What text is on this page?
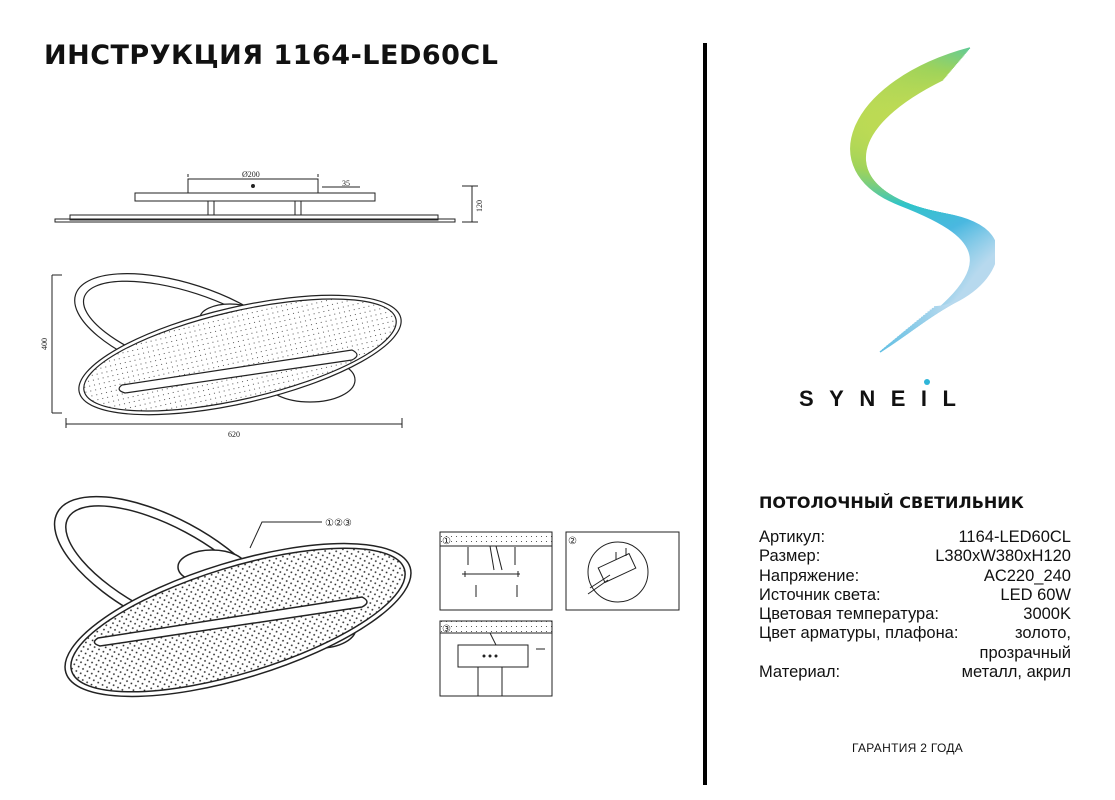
ИНСТРУКЦИЯ 1164-LED60CL
Ø200
35
120
400
620
①②③
①	②
③
SYNEI
L
ПОТОЛОЧНЫЙ СВЕТИЛЬНИК
Артикул:	1164-LED60CL
Размер:	L380xW380xH120
Напряжение:	AC220_240
Источник света:	LED 60W
Цветовая температура:	3000K
Цвет арматуры, плафона:	золото,
прозрачный
Материал:	металл, акрил
ГАРАНТИЯ 2 ГОДА
